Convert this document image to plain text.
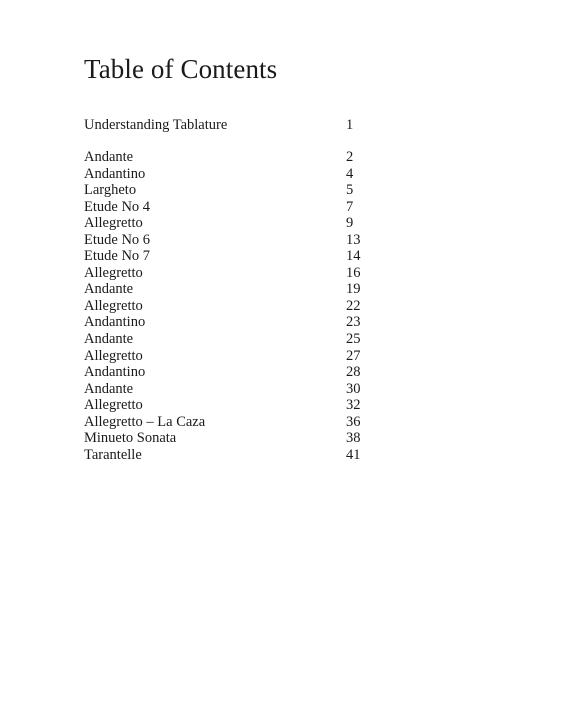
Table of Contents
Understanding Tablature	1
Andante	2
Andantino	4
Largheto	5
Etude No 4	7
Allegretto	9
Etude No 6	13
Etude No 7	14
Allegretto	16
Andante	19
Allegretto	22
Andantino	23
Andante	25
Allegretto	27
Andantino	28
Andante	30
Allegretto	32
Allegretto – La Caza	36
Minueto Sonata	38
Tarantelle	41
